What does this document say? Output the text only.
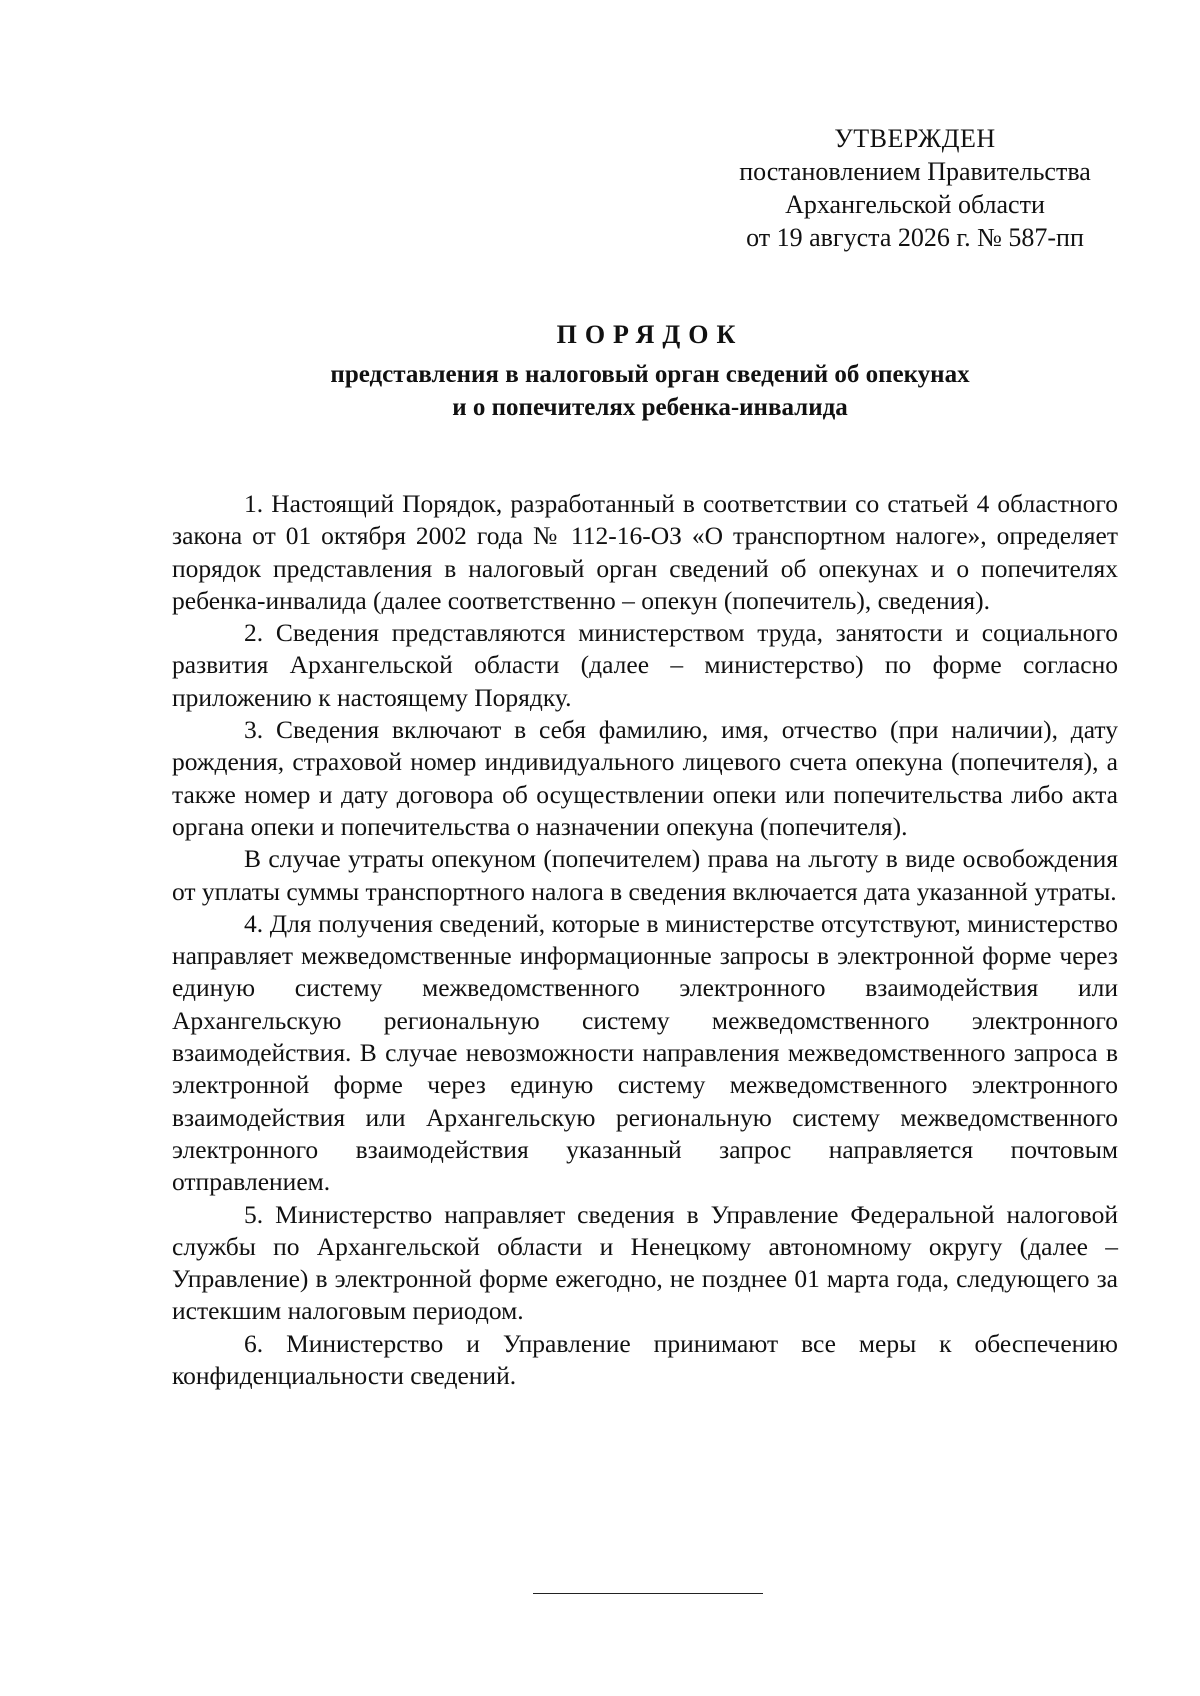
УТВЕРЖДЕН
постановлением Правительства
Архангельской области
от 19 августа 2026 г. № 587-пп
ПОРЯДОК
представления в налоговый орган сведений об опекунах
и о попечителях ребенка-инвалида

1. Настоящий Порядок, разработанный в соответствии со статьей 4 областного закона от 01 октября 2002 года № 112-16-ОЗ «О транспортном налоге», определяет порядок представления в налоговый орган сведений об опекунах и о попечителях ребенка-инвалида (далее соответственно – опекун (попечитель), сведения).

2. Сведения представляются министерством труда, занятости и социального развития Архангельской области (далее – министерство) по форме согласно приложению к настоящему Порядку.

3. Сведения включают в себя фамилию, имя, отчество (при наличии), дату рождения, страховой номер индивидуального лицевого счета опекуна (попечителя), а также номер и дату договора об осуществлении опеки или попечительства либо акта органа опеки и попечительства о назначении опекуна (попечителя).

В случае утраты опекуном (попечителем) права на льготу в виде освобождения от уплаты суммы транспортного налога в сведения включается дата указанной утраты.

4. Для получения сведений, которые в министерстве отсутствуют, министерство направляет межведомственные информационные запросы в электронной форме через единую систему межведомственного электронного взаимодействия или Архангельскую региональную систему межведомственного электронного взаимодействия. В случае невозможности направления межведомственного запроса в электронной форме через единую систему межведомственного электронного взаимодействия или Архангельскую региональную систему межведомственного электронного взаимодействия указанный запрос направляется почтовым отправлением.

5. Министерство направляет сведения в Управление Федеральной налоговой службы по Архангельской области и Ненецкому автономному округу (далее – Управление) в электронной форме ежегодно, не позднее 01 марта года, следующего за истекшим налоговым периодом.

6. Министерство и Управление принимают все меры к обеспечению конфиденциальности сведений.
